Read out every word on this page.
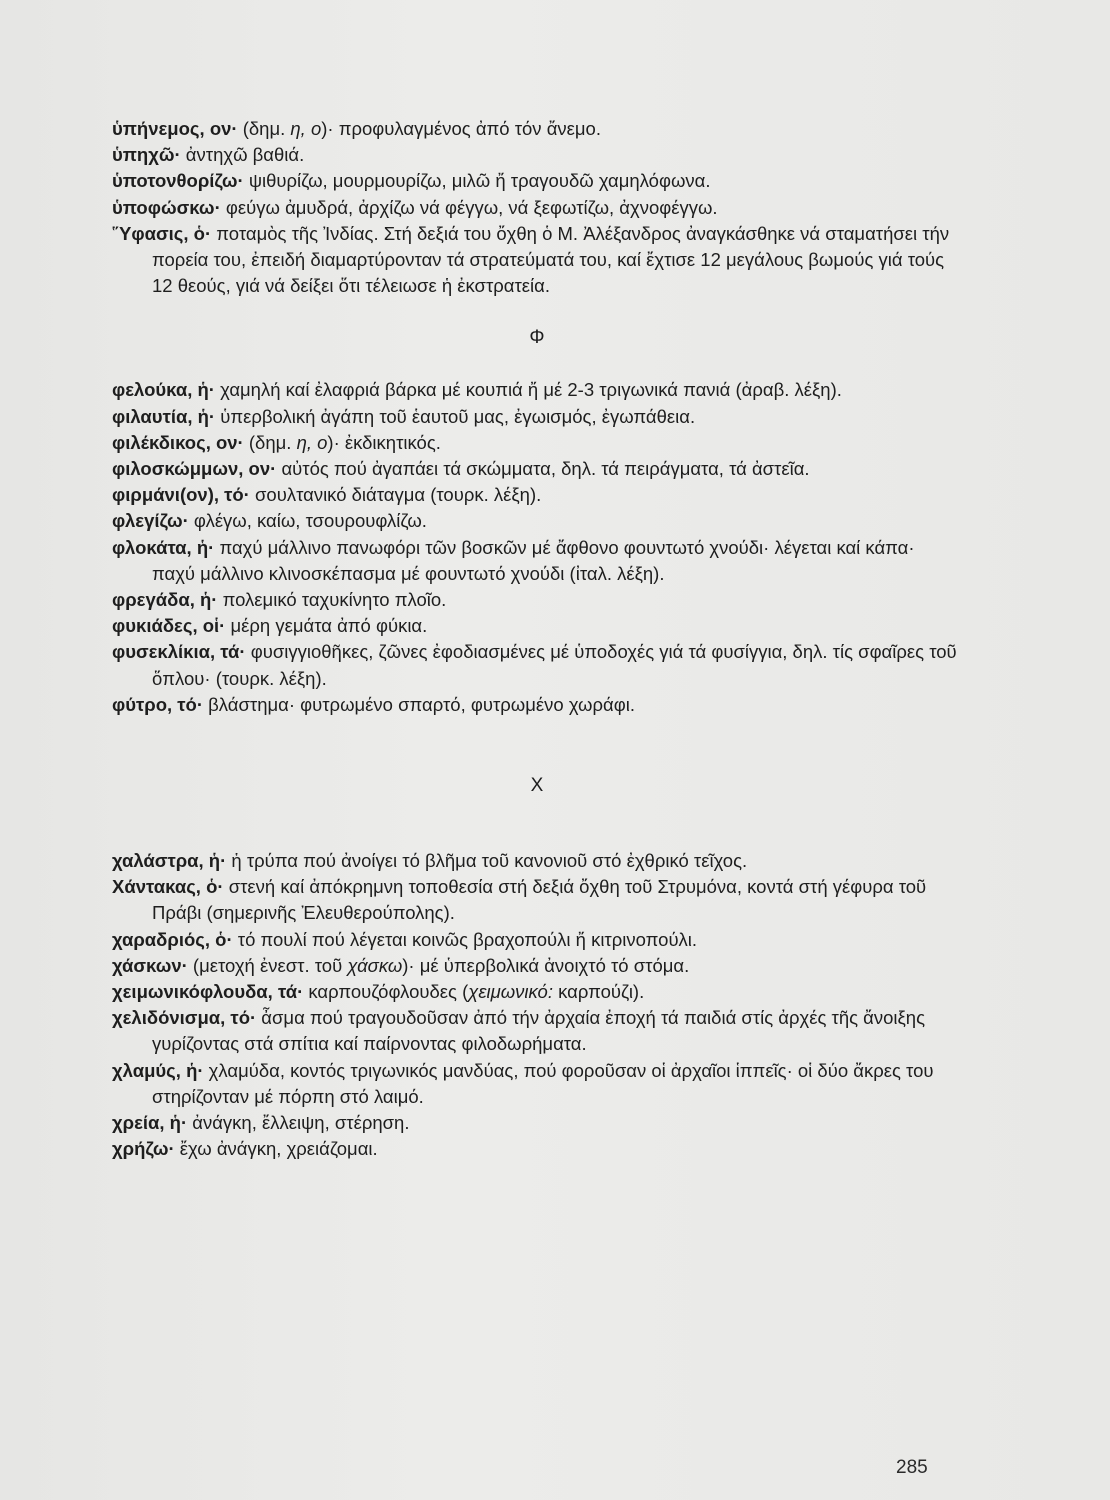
ὑπήνεμος, ον· (δημ. η, ο)· προφυλαγμένος ἀπό τόν ἄνεμο.
ὑπηχῶ· ἀντηχῶ βαθιά.
ὑποτονθορίζω· ψιθυρίζω, μουρμουρίζω, μιλῶ ἤ τραγουδῶ χαμηλόφωνα.
ὑποφώσκω· φεύγω ἀμυδρά, ἀρχίζω νά φέγγω, νά ξεφωτίζω, ἀχνοφέγγω.
Ὕφασις, ὁ· ποταμὸς τῆς Ἰνδίας. Στή δεξιά του ὄχθη ὁ Μ. Ἀλέξανδρος ἀναγκάσθηκε νά σταματήσει τήν πορεία του, ἐπειδή διαμαρτύρονταν τά στρατεύματά του, καί ἔχτισε 12 μεγάλους βωμούς γιά τούς 12 θεούς, γιά νά δείξει ὅτι τέλειωσε ἡ ἐκστρατεία.
Φ
φελούκα, ἡ· χαμηλή καί ἐλαφριά βάρκα μέ κουπιά ἤ μέ 2-3 τριγωνικά πανιά (ἀραβ. λέξη).
φιλαυτία, ἡ· ὑπερβολική ἀγάπη τοῦ ἑαυτοῦ μας, ἐγωισμός, ἐγωπάθεια.
φιλέκδικος, ον· (δημ. η, ο)· ἐκδικητικός.
φιλοσκώμμων, ον· αὐτός πού ἀγαπάει τά σκώμματα, δηλ. τά πειράγματα, τά ἀστεῖα.
φιρμάνι(ον), τό· σουλτανικό διάταγμα (τουρκ. λέξη).
φλεγίζω· φλέγω, καίω, τσουρουφλίζω.
φλοκάτα, ἡ· παχύ μάλλινο πανωφόρι τῶν βοσκῶν μέ ἄφθονο φουντωτό χνούδι· λέγεται καί κάπα· παχύ μάλλινο κλινοσκέπασμα μέ φουντωτό χνούδι (ἰταλ. λέξη).
φρεγάδα, ἡ· πολεμικό ταχυκίνητο πλοῖο.
φυκιάδες, οἱ· μέρη γεμάτα ἀπό φύκια.
φυσεκλίκια, τά· φυσιγγιοθῆκες, ζῶνες ἐφοδιασμένες μέ ὑποδοχές γιά τά φυσίγγια, δηλ. τίς σφαῖρες τοῦ ὅπλου· (τουρκ. λέξη).
φύτρο, τό· βλάστημα· φυτρωμένο σπαρτό, φυτρωμένο χωράφι.
Χ
χαλάστρα, ἡ· ἡ τρύπα πού ἀνοίγει τό βλῆμα τοῦ κανονιοῦ στό ἐχθρικό τεῖχος.
Χάντακας, ὁ· στενή καί ἀπόκρημνη τοποθεσία στή δεξιά ὄχθη τοῦ Στρυμόνα, κοντά στή γέφυρα τοῦ Πράβι (σημερινῆς Ἐλευθερούπολης).
χαραδριός, ὁ· τό πουλί πού λέγεται κοινῶς βραχοπούλι ἤ κιτρινοπούλι.
χάσκων· (μετοχή ἐνεστ. τοῦ χάσκω)· μέ ὑπερβολικά ἀνοιχτό τό στόμα.
χειμωνικόφλουδα, τά· καρπουζόφλουδες (χειμωνικό: καρπούζι).
χελιδόνισμα, τό· ἆσμα πού τραγουδοῦσαν ἀπό τήν ἀρχαία ἐποχή τά παιδιά στίς ἀρχές τῆς ἄνοιξης γυρίζοντας στά σπίτια καί παίρνοντας φιλοδωρήματα.
χλαμύς, ἡ· χλαμύδα, κοντός τριγωνικός μανδύας, πού φοροῦσαν οἱ ἀρχαῖοι ἱππεῖς· οἱ δύο ἄκρες του στηρίζονταν μέ πόρπη στό λαιμό.
χρεία, ἡ· ἀνάγκη, ἔλλειψη, στέρηση.
χρήζω· ἔχω ἀνάγκη, χρειάζομαι.
285
